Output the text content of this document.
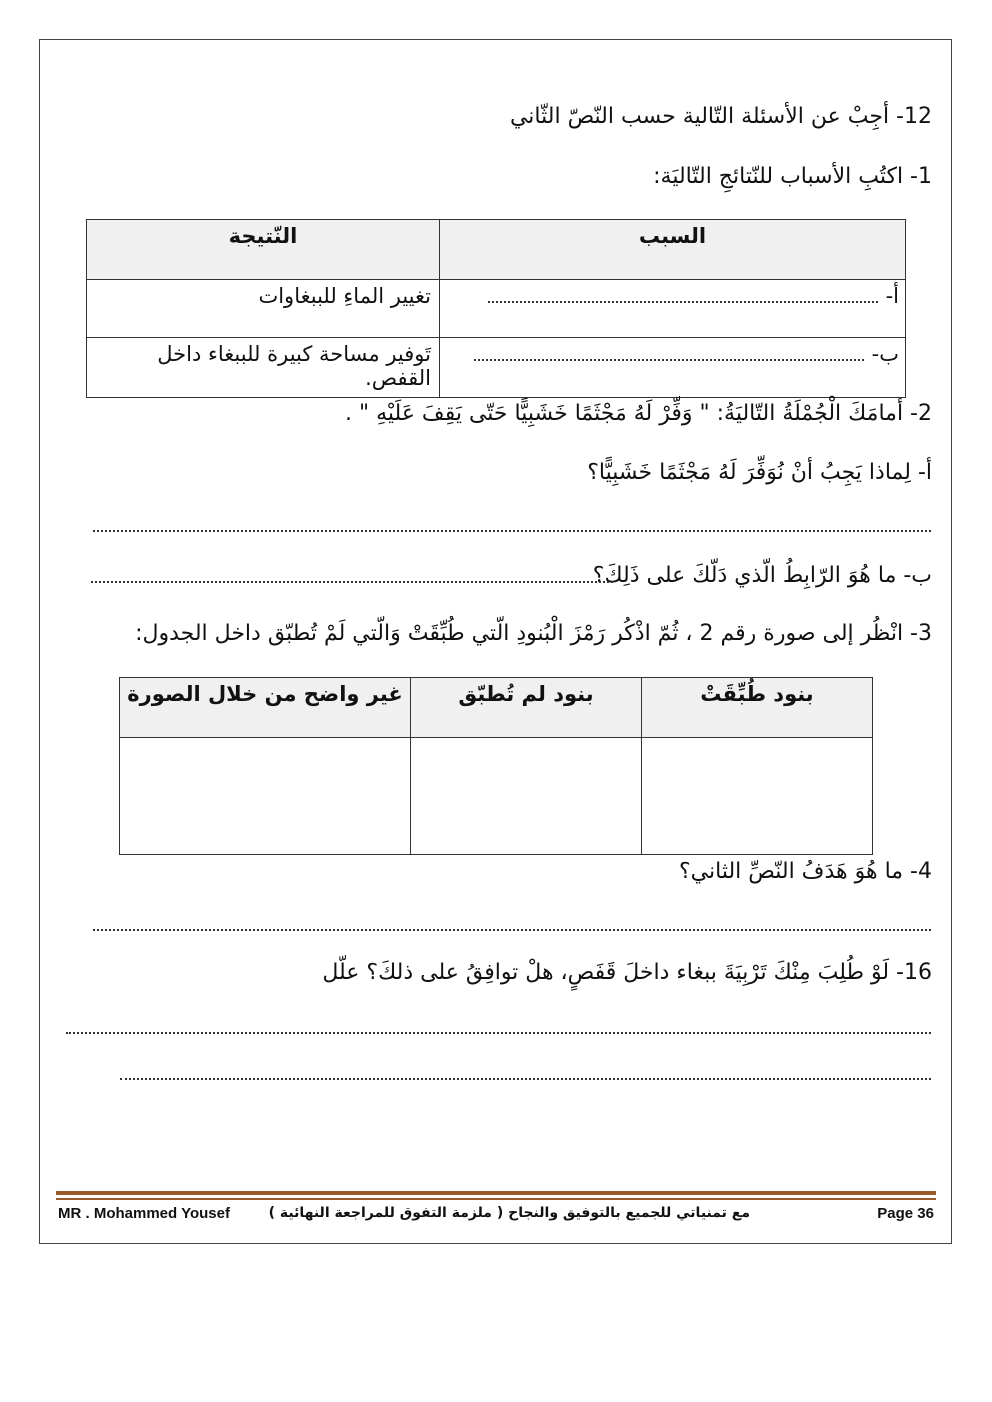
12- أجِبْ عن الأسئلة التّالية حسب النّصّ الثّاني
1- اكتُبِ الأسباب للنّتائجِ التّاليَة:
السبب	النّتيجة
أ-	تغيير الماءِ للببغاوات
ب-	تَوفير مساحة كبيرة للببغاء داخل القفص.
2- أمامَكَ الْجُمْلَةُ التّاليَةُ: " وَفِّرْ لَهُ مَجْثَمًا خَشَبِيًّا حَتّى يَقِفَ عَلَيْهِ " .
أ- لِماذا يَجِبُ أنْ نُوَفِّرَ لَهُ مَجْثَمًا خَشَبِيًّا؟
ب- ما هُوَ الرّابِطُ الّذي دَلّكَ على ذَلِكَ؟
3- انْظُر إلى صورة رقم 2 ، ثُمّ اذْكُر رَمْزَ الْبُنودِ الّتي طُبِّقَتْ وَالّتي لَمْ تُطبّق داخل الجدول:
بنود طُبِّقَتْ	بنود لم تُطبّق	غير واضح من خلال الصورة

4- ما هُوَ هَدَفُ النّصِّ الثاني؟
16- لَوْ طُلِبَ مِنْكَ تَرْبِيَةَ ببغاء داخلَ قَفَصٍ، هلْ توافِقُ على ذلكَ؟ علّل
MR . Mohammed Yousef	مع تمنياتي للجميع بالتوفيق والنجاح ( ملزمة التفوق للمراجعة النهائية )	Page 36
